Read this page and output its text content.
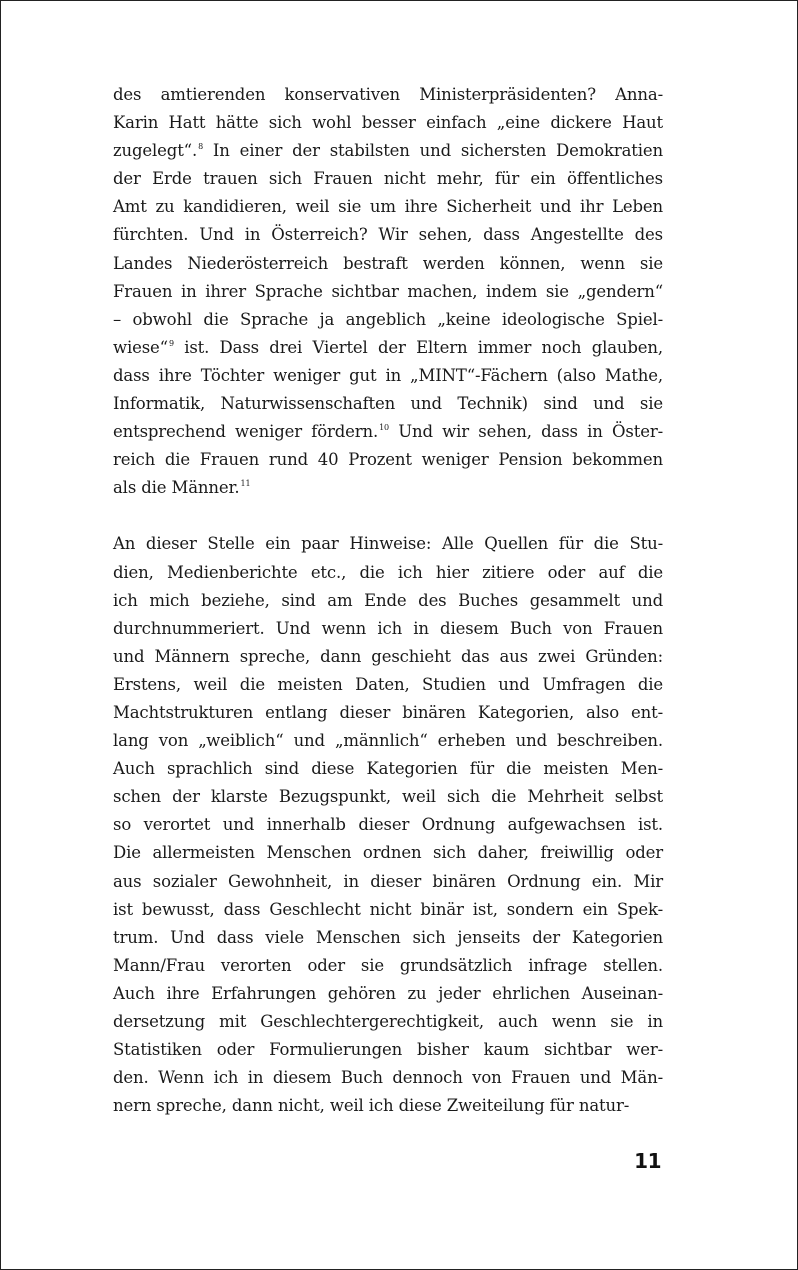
des amtierenden konservativen Ministerpräsidenten? Anna-
Karin Hatt hätte sich wohl besser einfach „eine dickere Haut
zugelegt“.$^8$ In einer der stabilsten und sichersten Demokratien
der Erde trauen sich Frauen nicht mehr, für ein öffentliches
Amt zu kandidieren, weil sie um ihre Sicherheit und ihr Leben
fürchten. Und in Österreich? Wir sehen, dass Angestellte des
Landes Niederösterreich bestraft werden können, wenn sie
Frauen in ihrer Sprache sichtbar machen, indem sie „gendern“
– obwohl die Sprache ja angeblich „keine ideologische Spiel-
wiese“$^9$ ist. Dass drei Viertel der Eltern immer noch glauben,
dass ihre Töchter weniger gut in „MINT“-Fächern (also Mathe,
Informatik, Naturwissenschaften und Technik) sind und sie
entsprechend weniger fördern.$^{10}$ Und wir sehen, dass in Öster-
reich die Frauen rund 40 Prozent weniger Pension bekommen
als die Männer.$^{11}$
An dieser Stelle ein paar Hinweise: Alle Quellen für die Stu-
dien, Medienberichte etc., die ich hier zitiere oder auf die
ich mich beziehe, sind am Ende des Buches gesammelt und
durchnummeriert. Und wenn ich in diesem Buch von Frauen
und Männern spreche, dann geschieht das aus zwei Gründen:
Erstens, weil die meisten Daten, Studien und Umfragen die
Machtstrukturen entlang dieser binären Kategorien, also ent-
lang von „weiblich“ und „männlich“ erheben und beschreiben.
Auch sprachlich sind diese Kategorien für die meisten Men-
schen der klarste Bezugspunkt, weil sich die Mehrheit selbst
so verortet und innerhalb dieser Ordnung aufgewachsen ist.
Die allermeisten Menschen ordnen sich daher, freiwillig oder
aus sozialer Gewohnheit, in dieser binären Ordnung ein. Mir
ist bewusst, dass Geschlecht nicht binär ist, sondern ein Spek-
trum. Und dass viele Menschen sich jenseits der Kategorien
Mann/Frau verorten oder sie grundsätzlich infrage stellen.
Auch ihre Erfahrungen gehören zu jeder ehrlichen Auseinan-
dersetzung mit Geschlechtergerechtigkeit, auch wenn sie in
Statistiken oder Formulierungen bisher kaum sichtbar wer-
den. Wenn ich in diesem Buch dennoch von Frauen und Män-
nern spreche, dann nicht, weil ich diese Zweiteilung für natur-
11
